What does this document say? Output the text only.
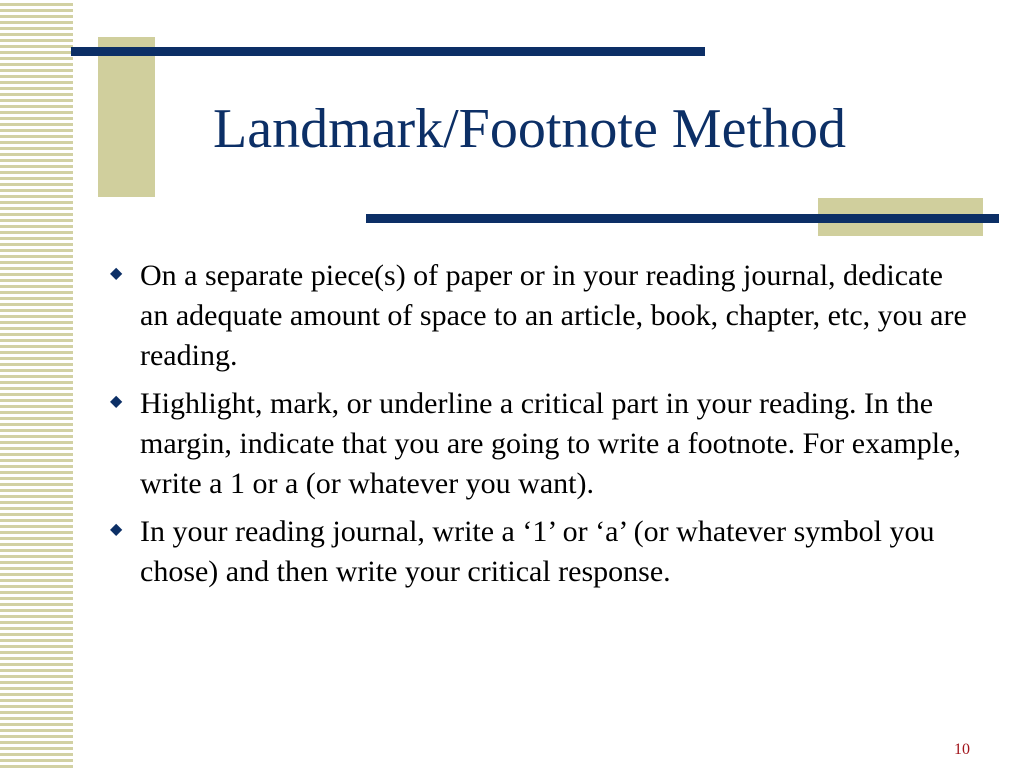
Landmark/Footnote Method
◆ On a separate piece(s) of paper or in your reading journal, dedicate an adequate amount of space to an article, book, chapter, etc, you are reading.
◆ Highlight, mark, or underline a critical part in your reading. In the margin, indicate that you are going to write a footnote. For example, write a 1 or a (or whatever you want).
◆ In your reading journal, write a ‘1’ or ‘a’ (or whatever symbol you chose) and then write your critical response.
10
